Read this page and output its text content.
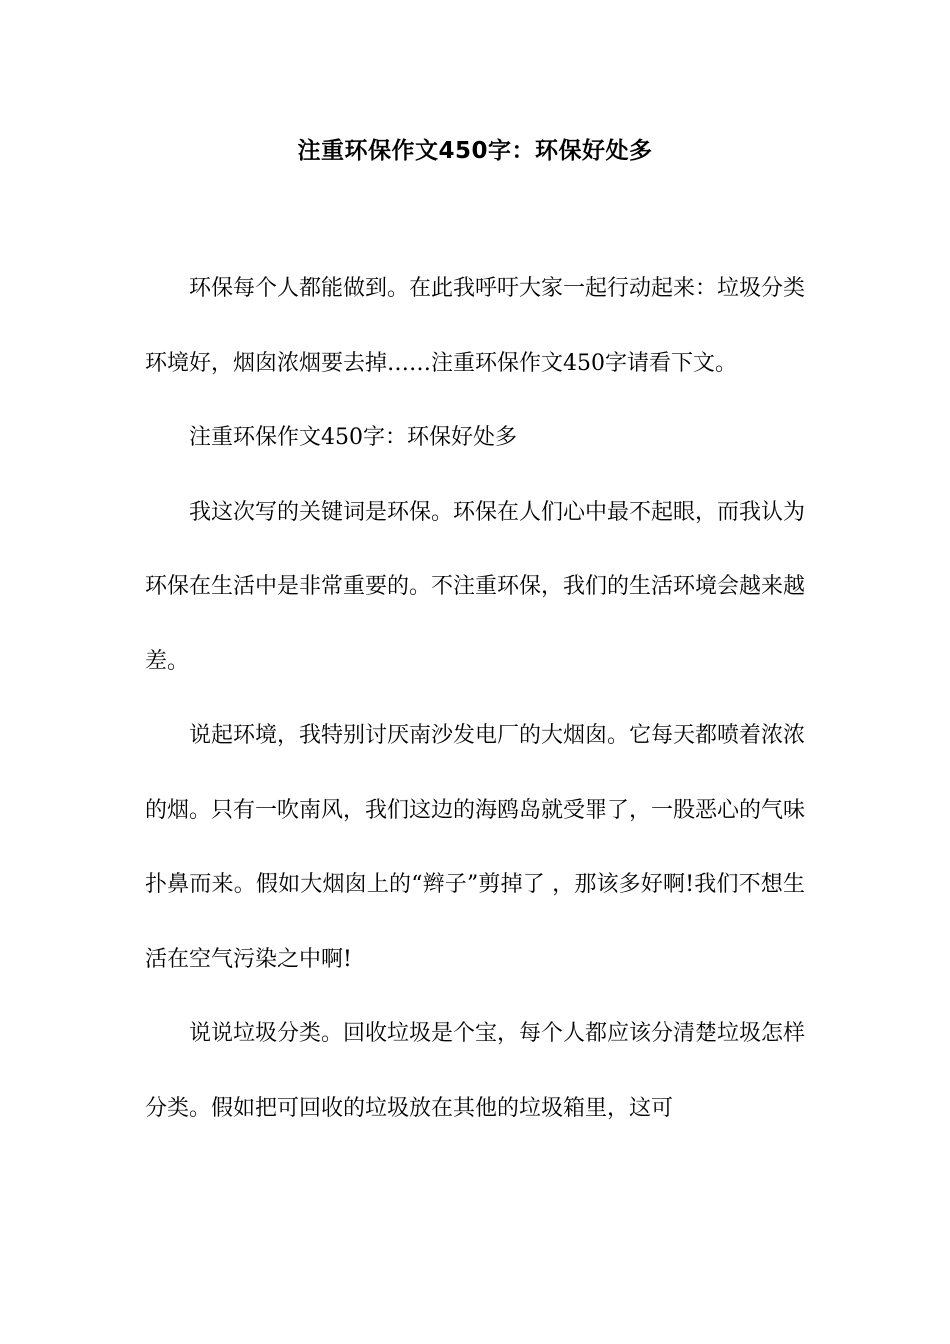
注重环保作文450字：环保好处多

环保每个人都能做到。在此我呼吁大家一起行动起来：垃圾分类环境好，烟囱浓烟要去掉……注重环保作文450字请看下文。

注重环保作文450字：环保好处多

我这次写的关键词是环保。环保在人们心中最不起眼，而我认为环保在生活中是非常重要的。不注重环保，我们的生活环境会越来越差。

说起环境，我特别讨厌南沙发电厂的大烟囱。它每天都喷着浓浓的烟。只有一吹南风，我们这边的海鸥岛就受罪了，一股恶心的气味扑鼻而来。假如大烟囱上的“辫子”剪掉了 ，那该多好啊!我们不想生活在空气污染之中啊!

说说垃圾分类。回收垃圾是个宝，每个人都应该分清楚垃圾怎样分类。假如把可回收的垃圾放在其他的垃圾箱里，这可
